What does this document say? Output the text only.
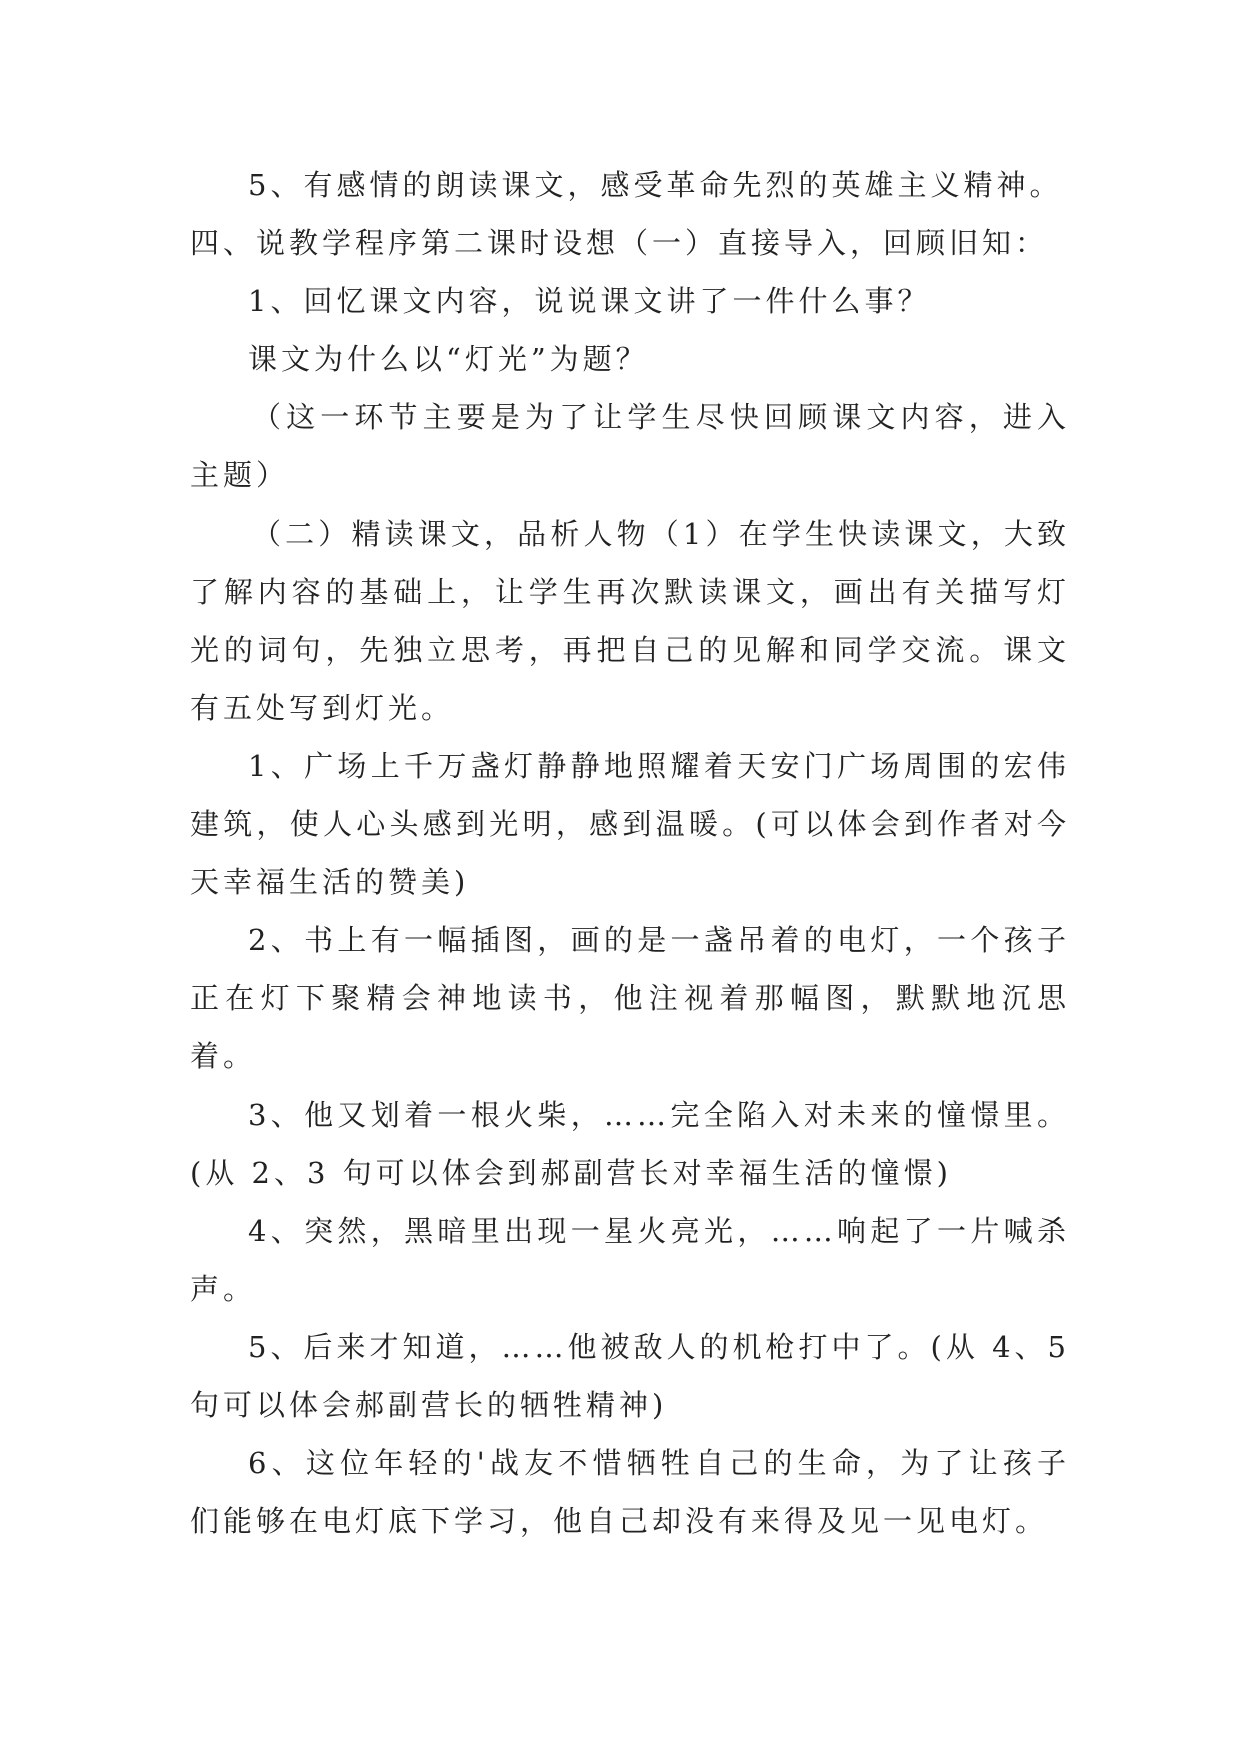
5、有感情的朗读课文，感受革命先烈的英雄主义精神。

四、说教学程序第二课时设想（一）直接导入，回顾旧知：

1、回忆课文内容，说说课文讲了一件什么事？

课文为什么以“灯光”为题？

（这一环节主要是为了让学生尽快回顾课文内容，进入主题）

（二）精读课文，品析人物（1）在学生快读课文，大致了解内容的基础上，让学生再次默读课文，画出有关描写灯光的词句，先独立思考，再把自己的见解和同学交流。课文有五处写到灯光。

1、广场上千万盏灯静静地照耀着天安门广场周围的宏伟建筑，使人心头感到光明，感到温暖。(可以体会到作者对今天幸福生活的赞美)

2、书上有一幅插图，画的是一盏吊着的电灯，一个孩子正在灯下聚精会神地读书，他注视着那幅图，默默地沉思着。

3、他又划着一根火柴，……完全陷入对未来的憧憬里。(从 2、3 句可以体会到郝副营长对幸福生活的憧憬)

4、突然，黑暗里出现一星火亮光，……响起了一片喊杀声。

5、后来才知道，……他被敌人的机枪打中了。(从 4、5 句可以体会郝副营长的牺牲精神)

6、这位年轻的'战友不惜牺牲自己的生命，为了让孩子们能够在电灯底下学习，他自己却没有来得及见一见电灯。
